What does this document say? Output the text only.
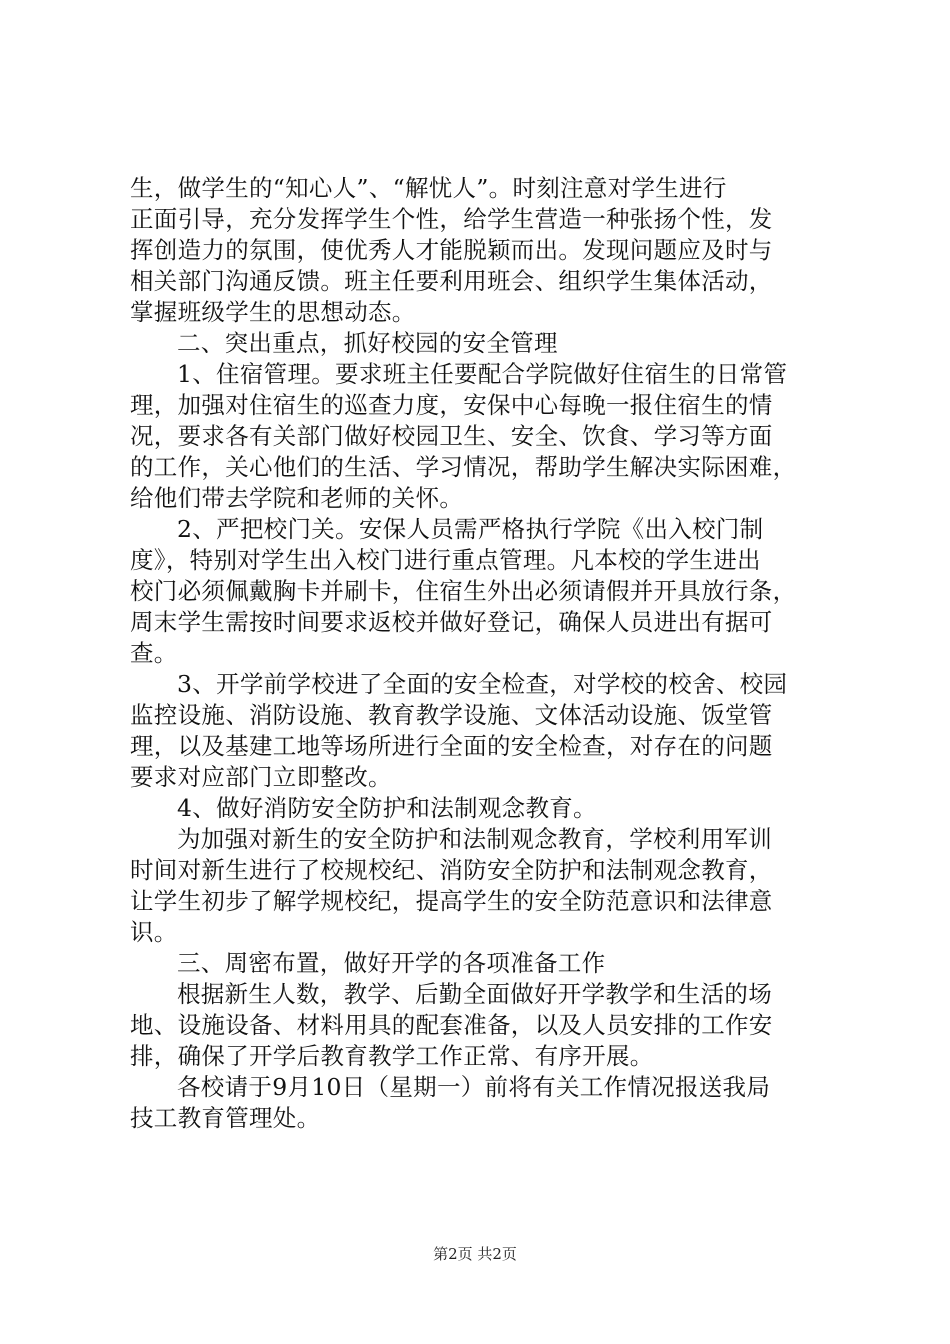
生，做学生的“知心人”、“解忧人”。时刻注意对学生进行
正面引导，充分发挥学生个性，给学生营造一种张扬个性，发
挥创造力的氛围，使优秀人才能脱颖而出。发现问题应及时与
相关部门沟通反馈。班主任要利用班会、组织学生集体活动，
掌握班级学生的思想动态。
二、突出重点，抓好校园的安全管理
1、住宿管理。要求班主任要配合学院做好住宿生的日常管
理，加强对住宿生的巡查力度，安保中心每晚一报住宿生的情
况，要求各有关部门做好校园卫生、安全、饮食、学习等方面
的工作，关心他们的生活、学习情况，帮助学生解决实际困难，
给他们带去学院和老师的关怀。
2、严把校门关。安保人员需严格执行学院《出入校门制
度》，特别对学生出入校门进行重点管理。凡本校的学生进出
校门必须佩戴胸卡并刷卡，住宿生外出必须请假并开具放行条，
周末学生需按时间要求返校并做好登记，确保人员进出有据可
查。
3、开学前学校进了全面的安全检查，对学校的校舍、校园
监控设施、消防设施、教育教学设施、文体活动设施、饭堂管
理，以及基建工地等场所进行全面的安全检查，对存在的问题
要求对应部门立即整改。
4、做好消防安全防护和法制观念教育。
为加强对新生的安全防护和法制观念教育，学校利用军训
时间对新生进行了校规校纪、消防安全防护和法制观念教育，
让学生初步了解学规校纪，提高学生的安全防范意识和法律意
识。
三、周密布置，做好开学的各项准备工作
根据新生人数，教学、后勤全面做好开学教学和生活的场
地、设施设备、材料用具的配套准备，以及人员安排的工作安
排，确保了开学后教育教学工作正常、有序开展。
各校请于9月10日（星期一）前将有关工作情况报送我局
技工教育管理处。
第2页 共2页
